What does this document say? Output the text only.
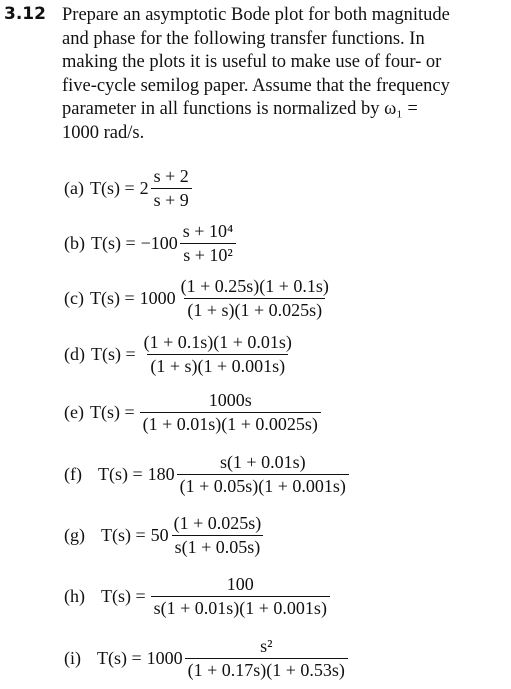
3.12 Prepare an asymptotic Bode plot for both magnitude
and phase for the following transfer functions. In
making the plots it is useful to make use of four- or
five-cycle semilog paper. Assume that the frequency
parameter in all functions is normalized by ω₁ =
1000 rad/s.
(a) $T(s) = 2 \frac{s + 2}{s + 9}$
(b) $T(s) = -100 \frac{\text{s + 10⁴}}{\text{s + 10²}}$
(c) $T(s) = 1000 \frac{(1 + 0.25s)(1 + 0.1s)}{(1 + s)(1 + 0.025s)}$
(d) $T(s) = \frac{(1 + 0.1s)(1 + 0.01s)}{(1 + s)(1 + 0.001s)}$
(e) $T(s) = \frac{1000s}{(1 + 0.01s)(1 + 0.0025s)}$
(f) $T(s) = 180 \frac{s(1 + 0.01s)}{(1 + 0.05s)(1 + 0.001s)}$
(g) $T(s) = 50 \frac{(1 + 0.025s)}{s(1 + 0.05s)}$
(h) $T(s) = \frac{100}{s(1 + 0.01s)(1 + 0.001s)}$
(i) $T(s) = 1000 \frac{\text{s²}}{(1 + 0.17s)(1 + 0.53s)}$
